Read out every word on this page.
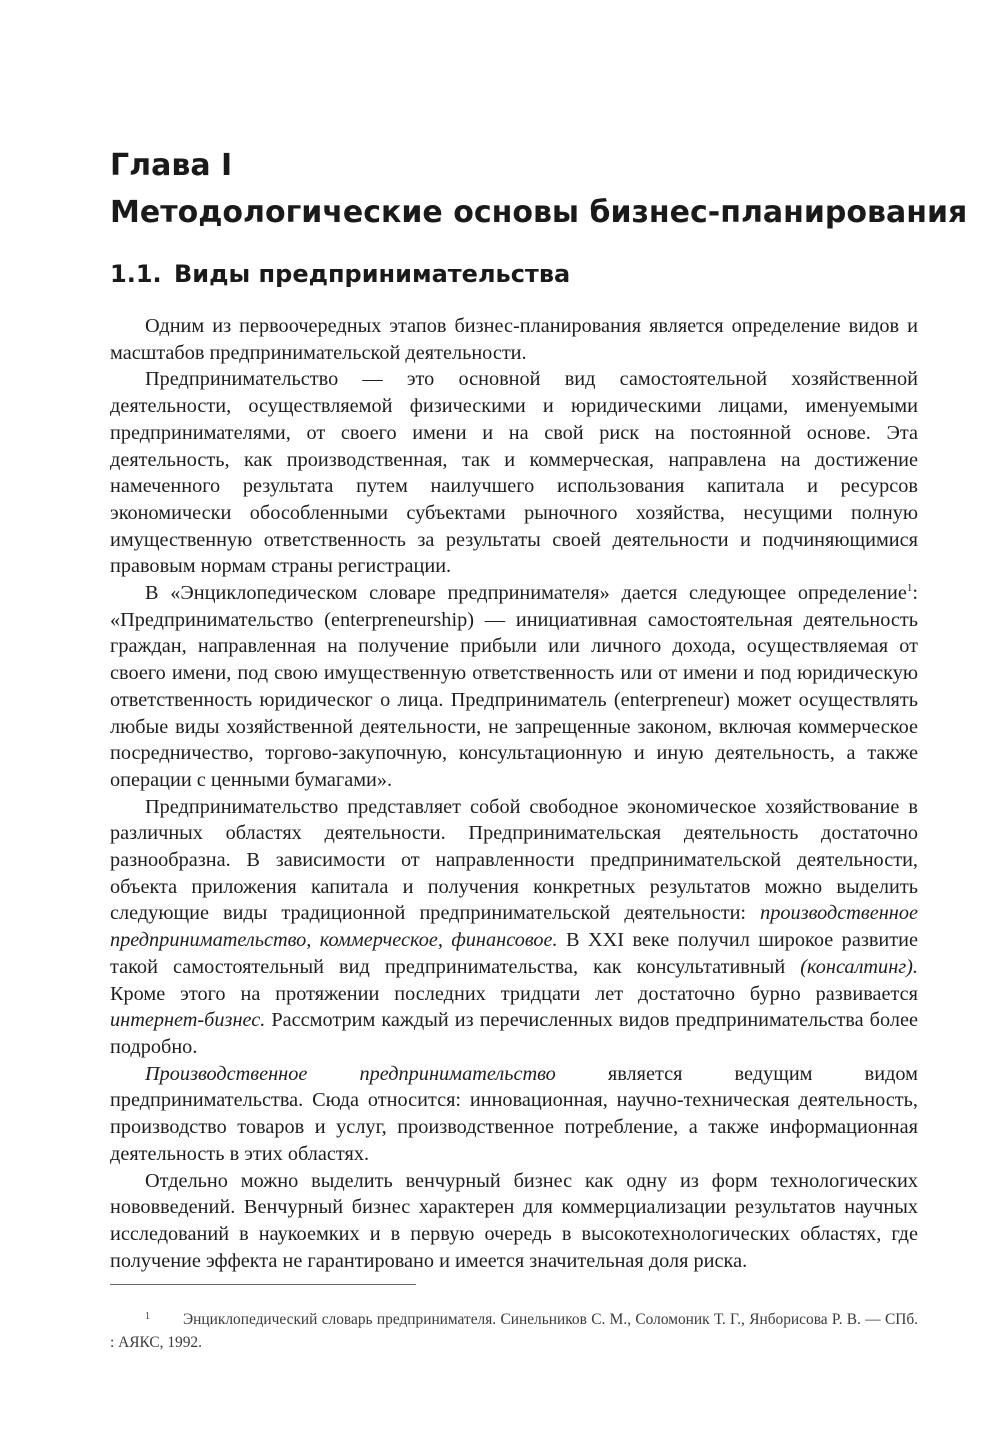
Глава I
Методологические основы бизнес-планирования
1.1. Виды предпринимательства

Одним из первоочередных этапов бизнес-планирования является определение видов и масштабов предпринимательской деятельности.

Предпринимательство — это основной вид самостоятельной хозяйственной деятельности, осуществляемой физическими и юридическими лицами, именуемыми предпринимателями, от своего имени и на свой риск на постоянной основе. Эта деятельность, как производственная, так и коммерческая, направлена на достижение намеченного результата путем наилучшего использования капитала и ресурсов экономически обособленными субъектами рыночного хозяйства, несущими полную имущественную ответственность за результаты своей деятельности и подчиняющимися правовым нормам страны регистрации.

В «Энциклопедическом словаре предпринимателя» дается следующее определение$^1$: «Предпринимательство (enterpreneurship) — инициативная самостоятельная деятельность граждан, направленная на получение прибыли или личного дохода, осуществляемая от своего имени, под свою имущественную ответственность или от имени и под юридическую ответственность юридическог о лица. Предприниматель (enterpreneur) может осуществлять любые виды хозяйственной деятельности, не запрещенные законом, включая коммерческое посредничество, торгово-закупочную, консультационную и иную деятельность, а также операции с ценными бумагами».

Предпринимательство представляет собой свободное экономическое хозяйствование в различных областях деятельности. Предпринимательская деятельность достаточно разнообразна. В зависимости от направленности предпринимательской деятельности, объекта приложения капитала и получения конкретных результатов можно выделить следующие виды традиционной предпринимательской деятельности: производственное предпринимательство, коммерческое, финансовое. В XXI веке получил широкое развитие такой самостоятельный вид предпринимательства, как консультативный (консалтинг). Кроме этого на протяжении последних тридцати лет достаточно бурно развивается интернет-бизнес. Рассмотрим каждый из перечисленных видов предпринимательства более подробно.

Производственное предпринимательство является ведущим видом предпринимательства. Сюда относится: инновационная, научно-техническая деятельность, производство товаров и услуг, производственное потребление, а также информационная деятельность в этих областях.

Отдельно можно выделить венчурный бизнес как одну из форм технологических нововведений. Венчурный бизнес характерен для коммерциализации результатов научных исследований в наукоемких и в первую очередь в высокотехнологических областях, где получение эффекта не гарантировано и имеется значительная доля риска.

1 Энциклопедический словарь предпринимателя. Синельников С. М., Соломоник Т. Г., Янборисова Р. В. — СПб. : АЯКС, 1992.
